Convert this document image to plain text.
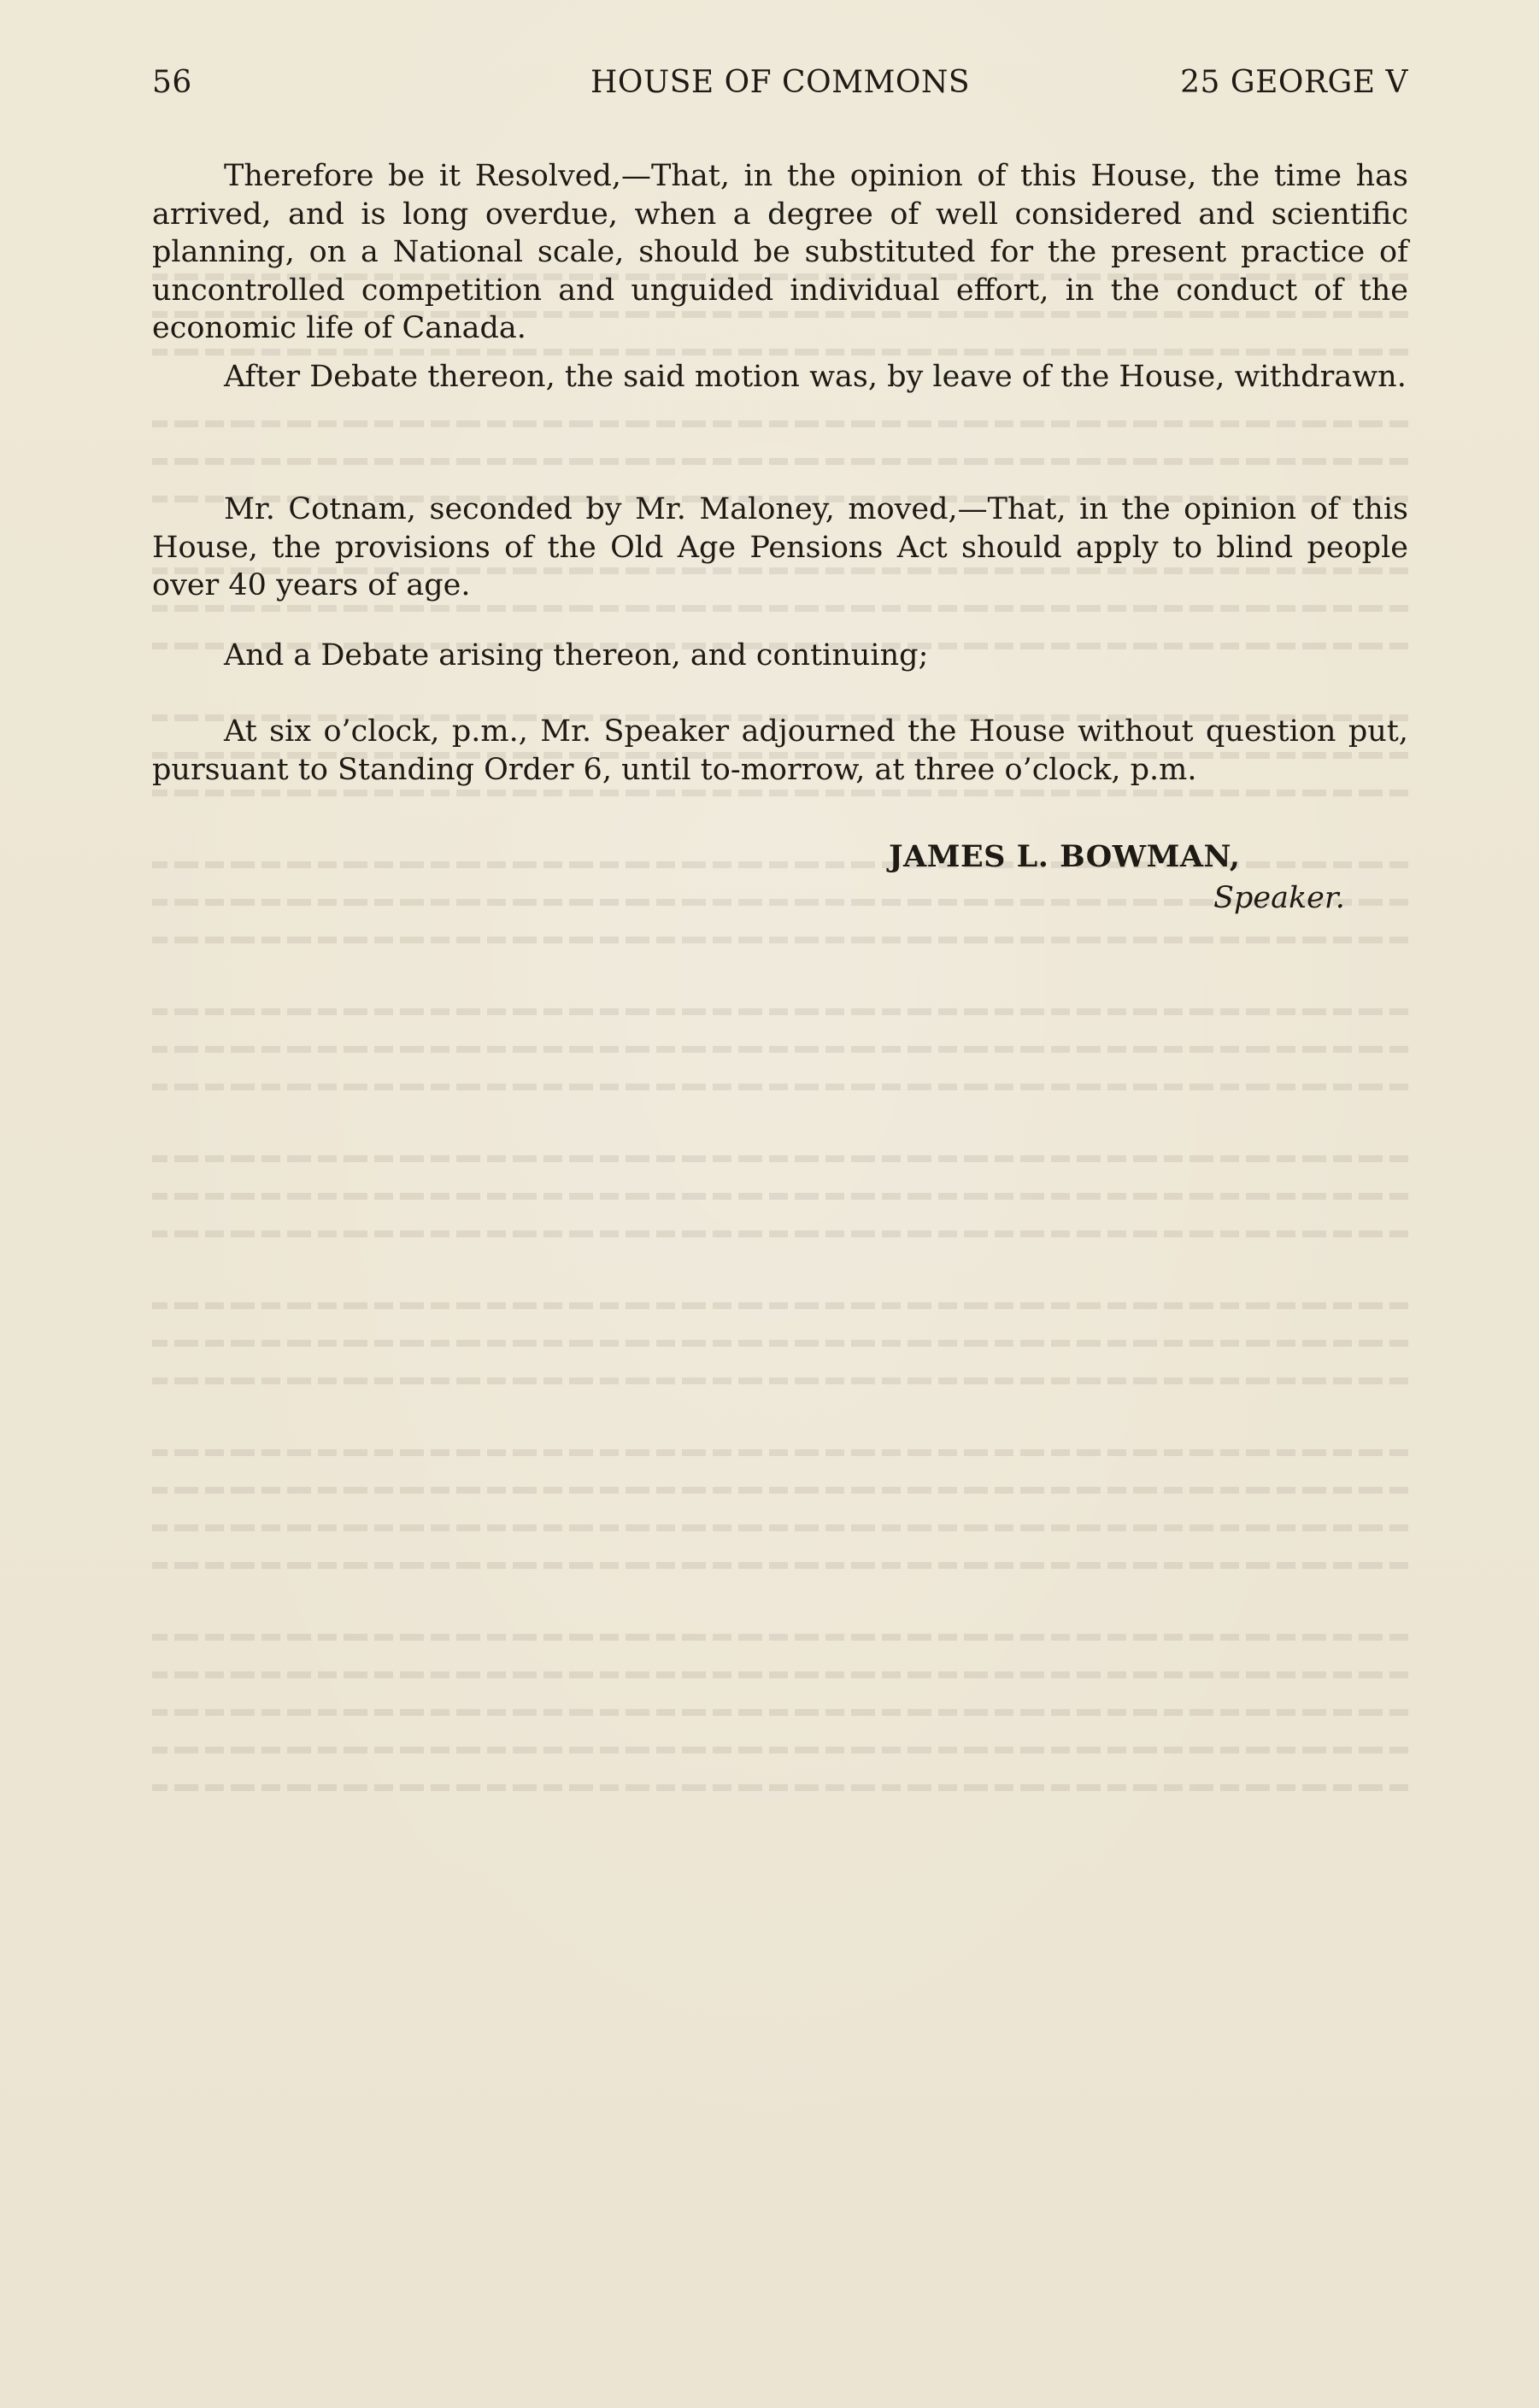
56	HOUSE OF COMMONS	25 GEORGE V

Therefore be it Resolved,—That, in the opinion of this House, the time has arrived, and is long overdue, when a degree of well considered and scientific planning, on a National scale, should be substituted for the present practice of uncontrolled competition and unguided individual effort, in the conduct of the economic life of Canada.

After Debate thereon, the said motion was, by leave of the House, withdrawn.

Mr. Cotnam, seconded by Mr. Maloney, moved,—That, in the opinion of this House, the provisions of the Old Age Pensions Act should apply to blind people over 40 years of age.

And a Debate arising thereon, and continuing;

At six o’clock, p.m., Mr. Speaker adjourned the House without question put, pursuant to Standing Order 6, until to-morrow, at three o’clock, p.m.

JAMES L. BOWMAN,
Speaker.
